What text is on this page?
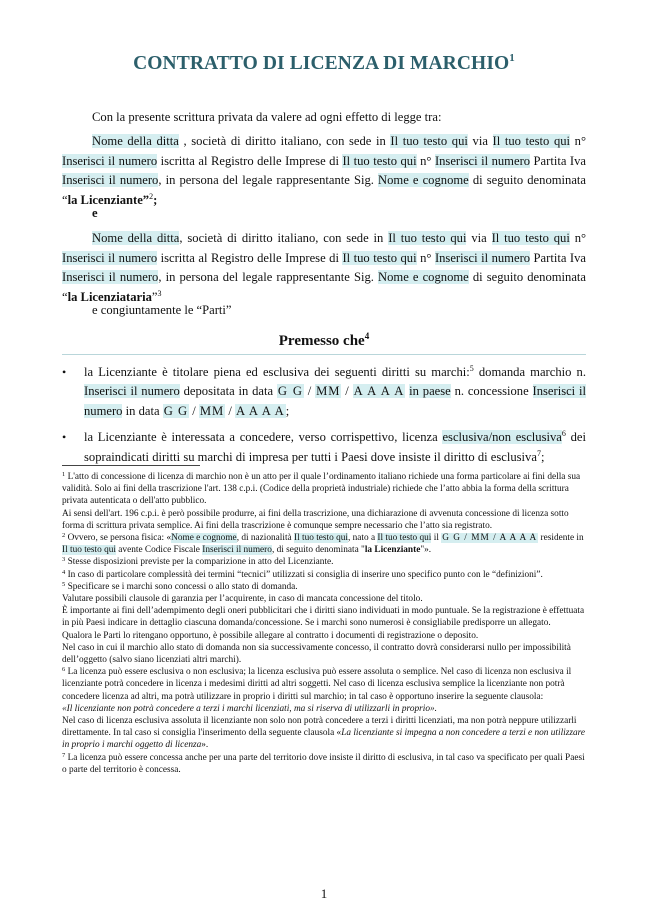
CONTRATTO DI LICENZA DI MARCHIO$^1$
Con la presente scrittura privata da valere ad ogni effetto di legge tra:
Nome della ditta , società di diritto italiano, con sede in Il tuo testo qui via Il tuo testo qui n° Inserisci il numero iscritta al Registro delle Imprese di Il tuo testo qui n° Inserisci il numero Partita Iva Inserisci il numero, in persona del legale rappresentante Sig. Nome e cognome di seguito denominata “la Licenziante”$^2$;
e
Nome della ditta, società di diritto italiano, con sede in Il tuo testo qui via Il tuo testo qui n° Inserisci il numero iscritta al Registro delle Imprese di Il tuo testo qui n° Inserisci il numero Partita Iva Inserisci il numero, in persona del legale rappresentante Sig. Nome e cognome di seguito denominata “la Licenziataria”$^3$
e congiuntamente le “Parti”
Premesso che$^4$
• la Licenziante è titolare piena ed esclusiva dei seguenti diritti su marchi:$^5$ domanda marchio n. Inserisci il numero depositata in data G G / MM / A A A A in paese n. concessione Inserisci il numero in data G G / MM / A A A A;
• la Licenziante è interessata a concedere, verso corrispettivo, licenza esclusiva/non esclusiva$^6$ dei sopraindicati diritti su marchi di impresa per tutti i Paesi dove insiste il diritto di esclusiva$^7$;

$^1$ L'atto di concessione di licenza di marchio non è un atto per il quale l’ordinamento italiano richiede una forma particolare ai fini della sua validità. Solo ai fini della trascrizione l'art. 138 c.p.i. (Codice della proprietà industriale) richiede che l’atto abbia la forma della scrittura privata autenticata o dell'atto pubblico.

Ai sensi dell'art. 196 c.p.i. è però possibile produrre, ai fini della trascrizione, una dichiarazione di avvenuta concessione di licenza sotto forma di scrittura privata semplice. Ai fini della trascrizione è comunque sempre necessario che l’atto sia registrato.

$^2$ Ovvero, se persona fisica: «Nome e cognome, di nazionalità Il tuo testo qui, nato a Il tuo testo qui il G G / MM / A A A A residente in Il tuo testo qui avente Codice Fiscale Inserisci il numero, di seguito denominata "la Licenziante"».

$^3$ Stesse disposizioni previste per la comparizione in atto del Licenziante.

$^4$ In caso di particolare complessità dei termini “tecnici” utilizzati si consiglia di inserire uno specifico punto con le “definizioni”.

$^5$ Specificare se i marchi sono concessi o allo stato di domanda.

Valutare possibili clausole di garanzia per l’acquirente, in caso di mancata concessione del titolo.

È importante ai fini dell’adempimento degli oneri pubblicitari che i diritti siano individuati in modo puntuale. Se la registrazione è effettuata in più Paesi indicare in dettaglio ciascuna domanda/concessione. Se i marchi sono numerosi è consigliabile predisporre un allegato.

Qualora le Parti lo ritengano opportuno, è possibile allegare al contratto i documenti di registrazione o deposito.

Nel caso in cui il marchio allo stato di domanda non sia successivamente concesso, il contratto dovrà considerarsi nullo per impossibilità dell’oggetto (salvo siano licenziati altri marchi).

$^6$ La licenza può essere esclusiva o non esclusiva; la licenza esclusiva può essere assoluta o semplice. Nel caso di licenza non esclusiva il licenziante potrà concedere in licenza i medesimi diritti ad altri soggetti. Nel caso di licenza esclusiva semplice la licenziante non potrà concedere licenza ad altri, ma potrà utilizzare in proprio i diritti sul marchio; in tal caso è opportuno inserire la seguente clausola:

«Il licenziante non potrà concedere a terzi i marchi licenziati, ma si riserva di utilizzarli in proprio».

Nel caso di licenza esclusiva assoluta il licenziante non solo non potrà concedere a terzi i diritti licenziati, ma non potrà neppure utilizzarli direttamente. In tal caso si consiglia l'inserimento della seguente clausola «La licenziante si impegna a non concedere a terzi e non utilizzare in proprio i marchi oggetto di licenza».

$^7$ La licenza può essere concessa anche per una parte del territorio dove insiste il diritto di esclusiva, in tal caso va specificato per quali Paesi o parte del territorio è concessa.

1
